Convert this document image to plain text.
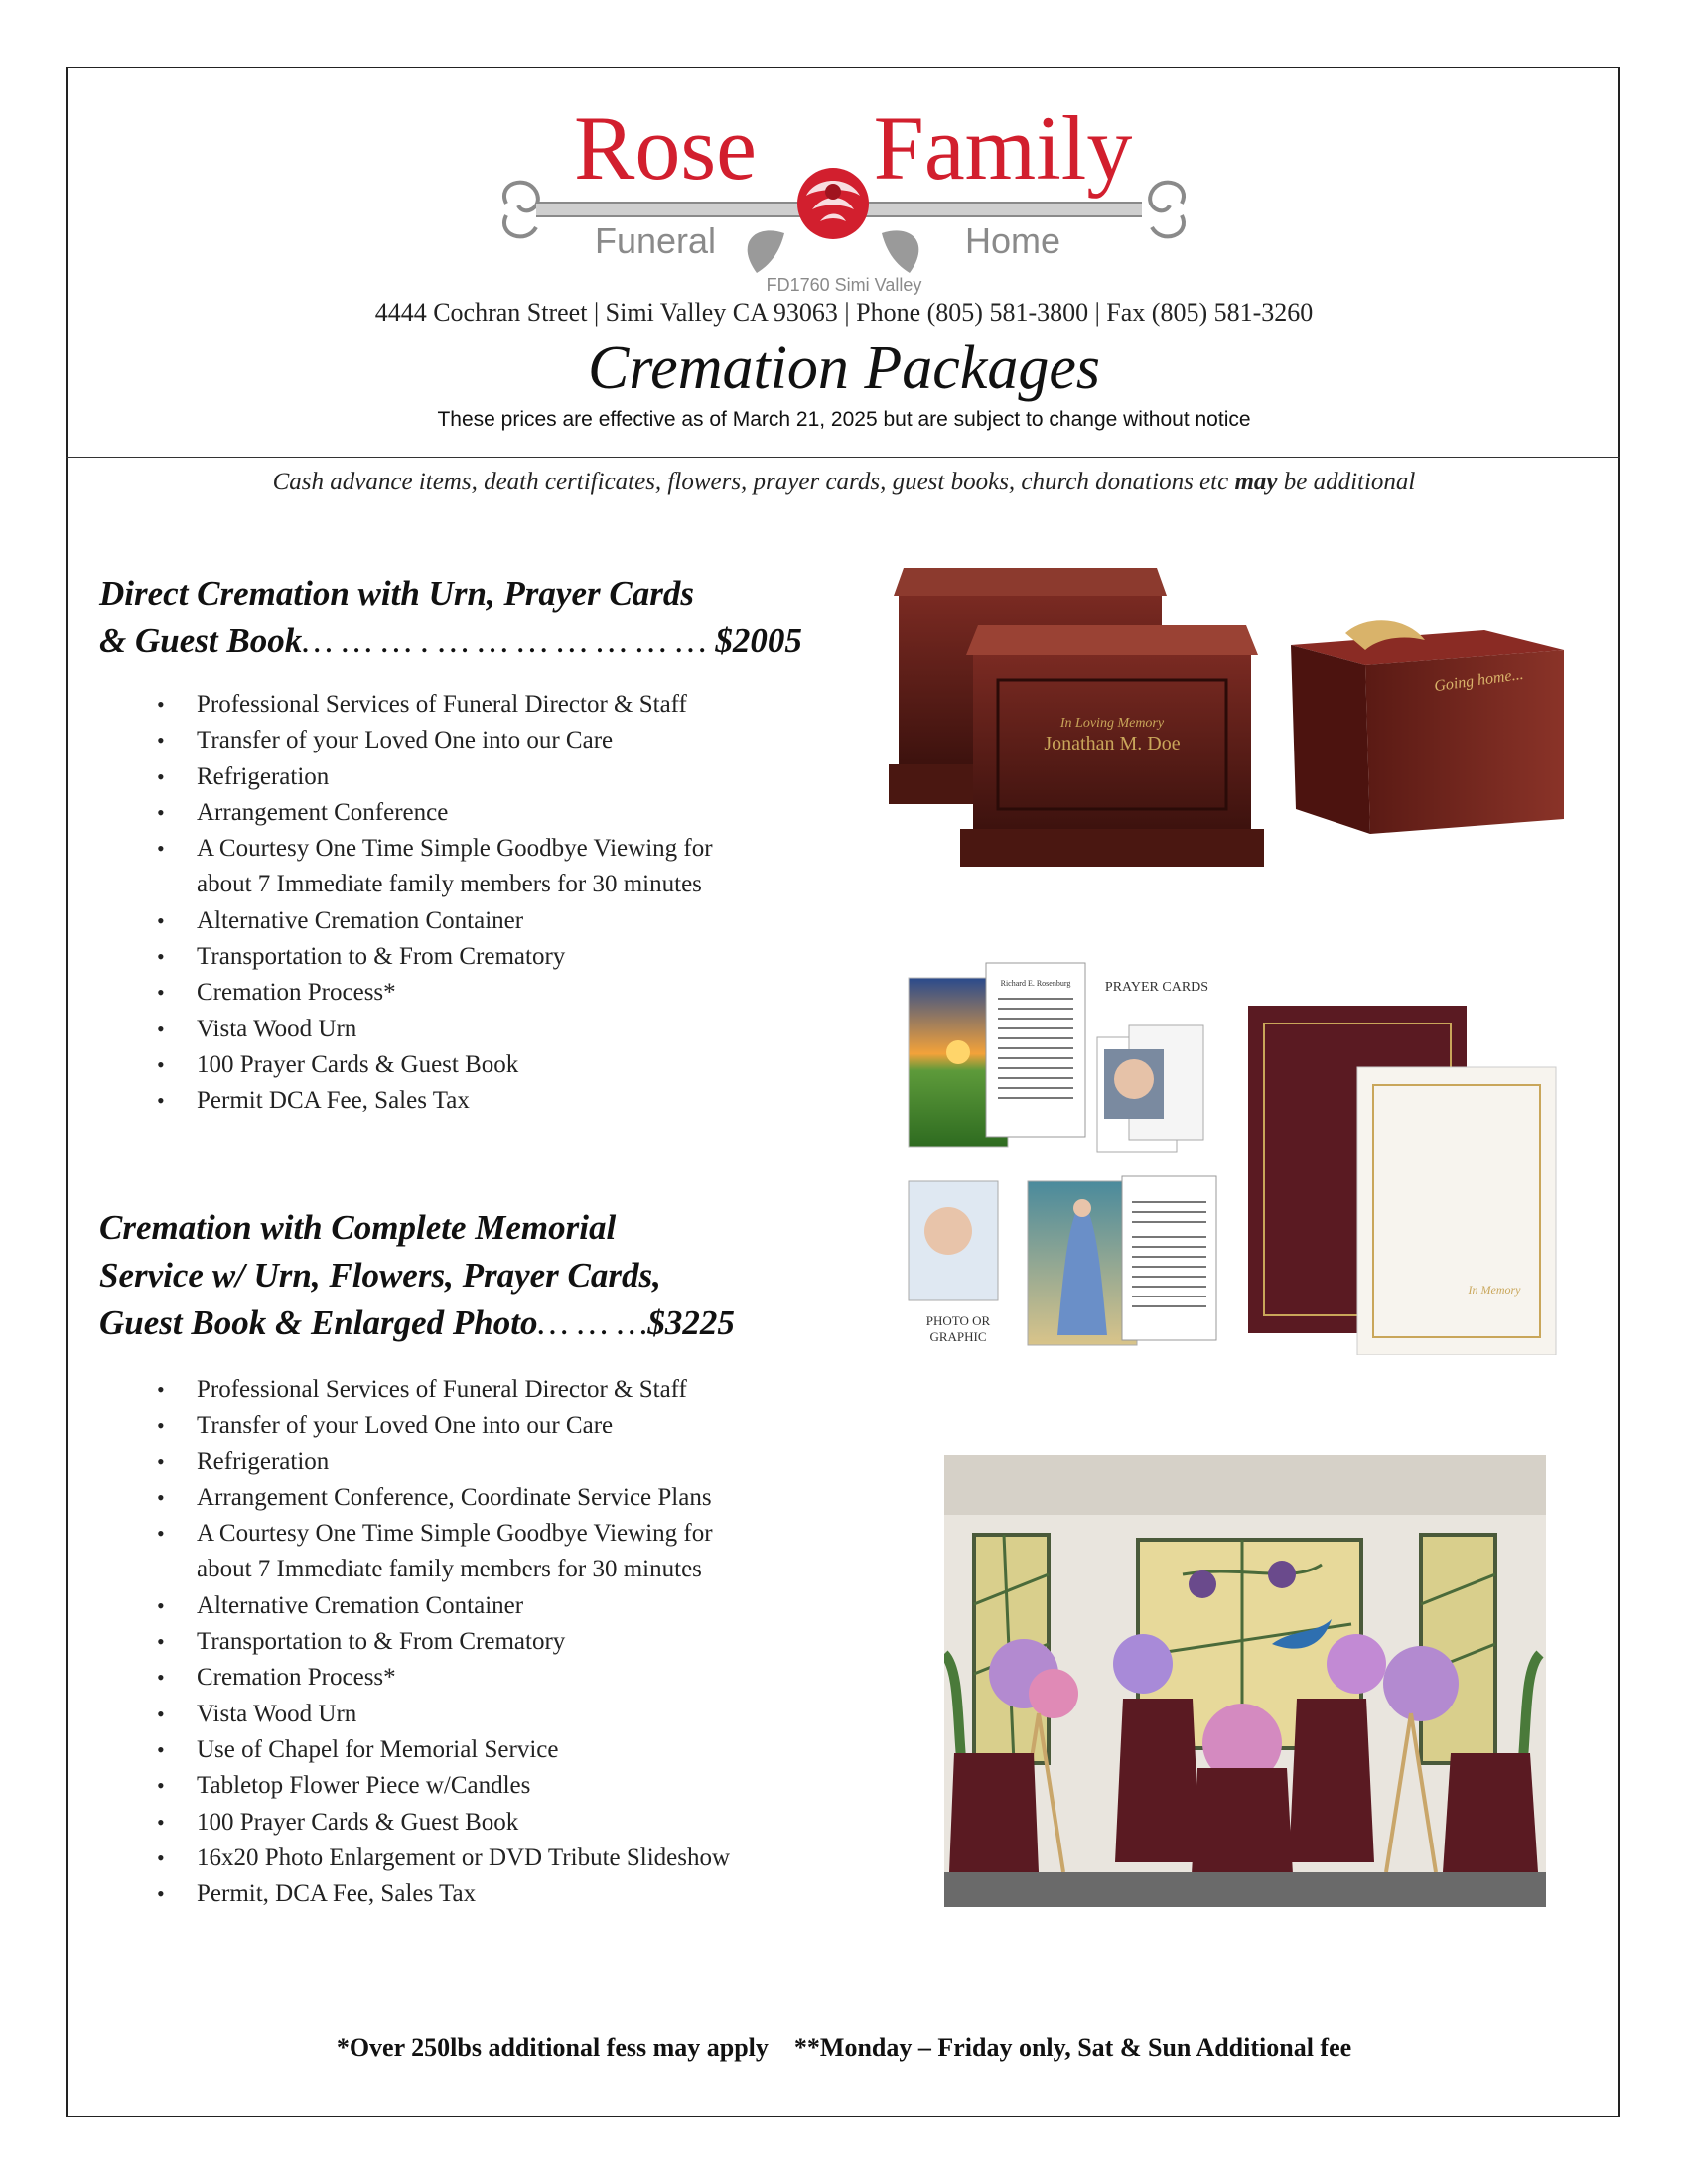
Rose Family
Funeral	Home
FD1760 Simi Valley
4444 Cochran Street | Simi Valley CA 93063 | Phone (805) 581-3800 | Fax (805) 581-3260
Cremation Packages
These prices are effective as of March 21, 2025 but are subject to change without notice
Cash advance items, death certificates, flowers, prayer cards, guest books, church donations etc may be additional
Direct Cremation with Urn, Prayer Cards
& Guest Book… … … . … … … … … … … $2005
• Professional Services of Funeral Director & Staff
• Transfer of your Loved One into our Care
• Refrigeration
• Arrangement Conference
• A Courtesy One Time Simple Goodbye Viewing for
about 7 Immediate family members for 30 minutes
• Alternative Cremation Container
• Transportation to & From Crematory
• Cremation Process*
• Vista Wood Urn
• 100 Prayer Cards & Guest Book
• Permit DCA Fee, Sales Tax
Cremation with Complete Memorial
Service w/ Urn, Flowers, Prayer Cards,
Guest Book & Enlarged Photo… … …$3225
• Professional Services of Funeral Director & Staff
• Transfer of your Loved One into our Care
• Refrigeration
• Arrangement Conference, Coordinate Service Plans
• A Courtesy One Time Simple Goodbye Viewing for
about 7 Immediate family members for 30 minutes
• Alternative Cremation Container
• Transportation to & From Crematory
• Cremation Process*
• Vista Wood Urn
• Use of Chapel for Memorial Service
• Tabletop Flower Piece w/Candles
• 100 Prayer Cards & Guest Book
• 16x20 Photo Enlargement or DVD Tribute Slideshow
• Permit, DCA Fee, Sales Tax
In Loving Memory
Jonathan M. Doe
Going home...
Richard E. Rosenburg PRAYER CARDS
PHOTO OR
GRAPHIC
In Memory
*Over 250lbs additional fess may apply    **Monday – Friday only, Sat & Sun Additional fee
